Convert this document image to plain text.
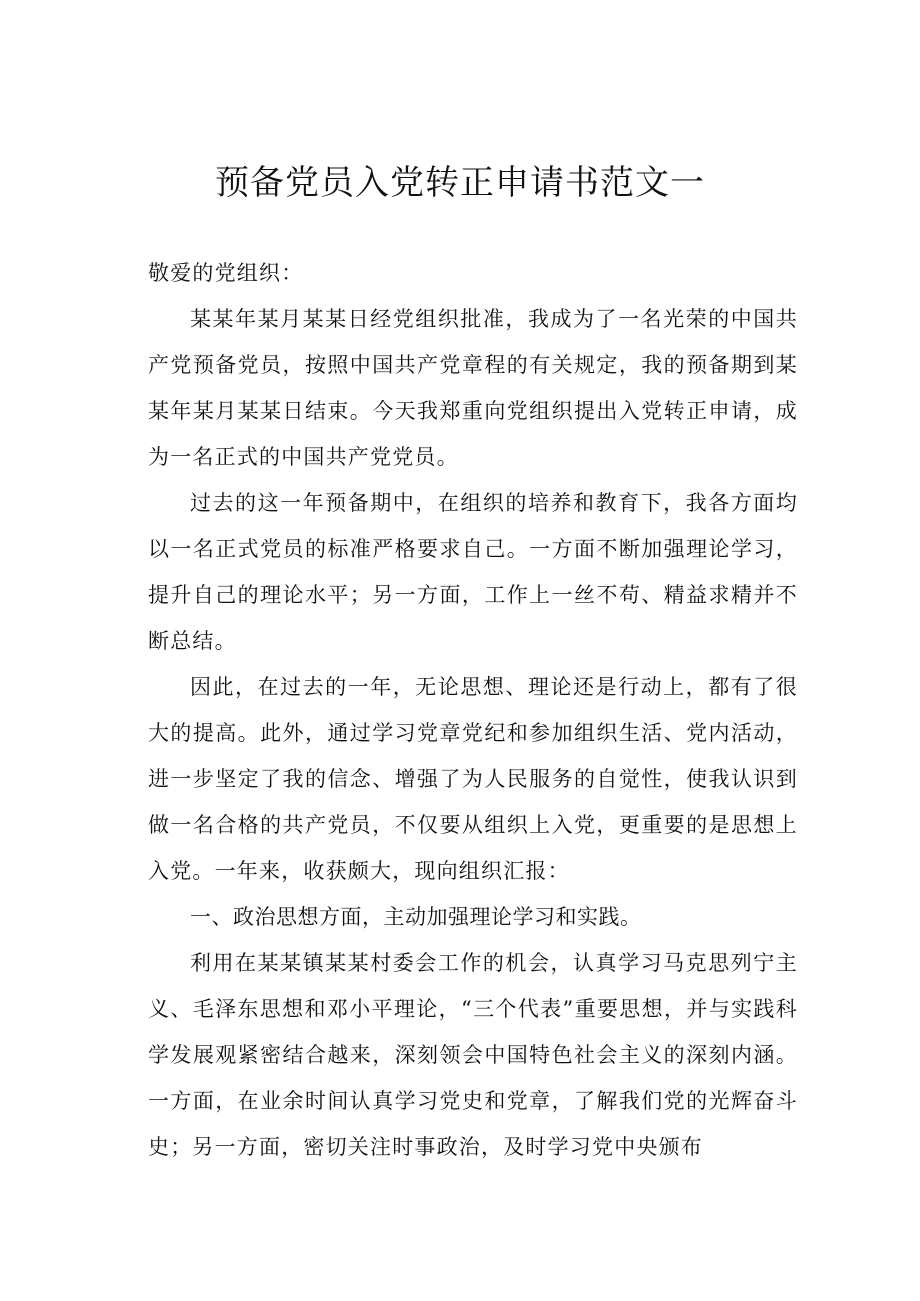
预备党员入党转正申请书范文一

敬爱的党组织：

某某年某月某某日经党组织批准，我成为了一名光荣的中国共产党预备党员，按照中国共产党章程的有关规定，我的预备期到某某年某月某某日结束。今天我郑重向党组织提出入党转正申请，成为一名正式的中国共产党党员。

过去的这一年预备期中，在组织的培养和教育下，我各方面均以一名正式党员的标准严格要求自己。一方面不断加强理论学习，提升自己的理论水平；另一方面，工作上一丝不苟、精益求精并不断总结。

因此，在过去的一年，无论思想、理论还是行动上，都有了很大的提高。此外，通过学习党章党纪和参加组织生活、党内活动，进一步坚定了我的信念、增强了为人民服务的自觉性，使我认识到做一名合格的共产党员，不仅要从组织上入党，更重要的是思想上入党。一年来，收获颇大，现向组织汇报：

一、政治思想方面，主动加强理论学习和实践。

利用在某某镇某某村委会工作的机会，认真学习马克思列宁主义、毛泽东思想和邓小平理论，“三个代表”重要思想，并与实践科学发展观紧密结合越来，深刻领会中国特色社会主义的深刻内涵。一方面，在业余时间认真学习党史和党章，了解我们党的光辉奋斗史；另一方面，密切关注时事政治，及时学习党中央颁布
